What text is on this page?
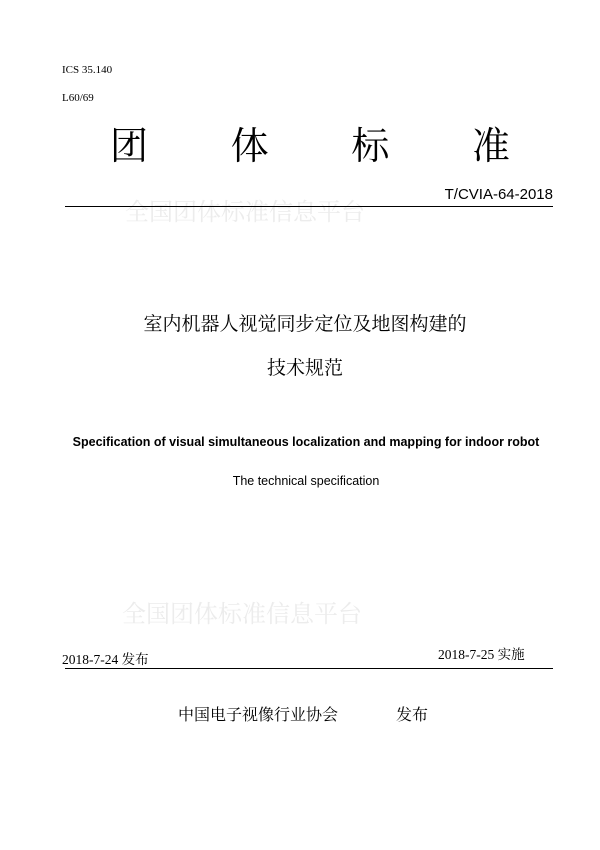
ICS 35.140
L60/69
团 体 标 准
全国团体标准信息平台
T/CVIA-64-2018
室内机器人视觉同步定位及地图构建的
技术规范
Specification of visual simultaneous localization and mapping for indoor robot
The technical specification
全国团体标准信息平台
2018-7-24 发布	2018-7-25 实施
中国电子视像行业协会	发布
